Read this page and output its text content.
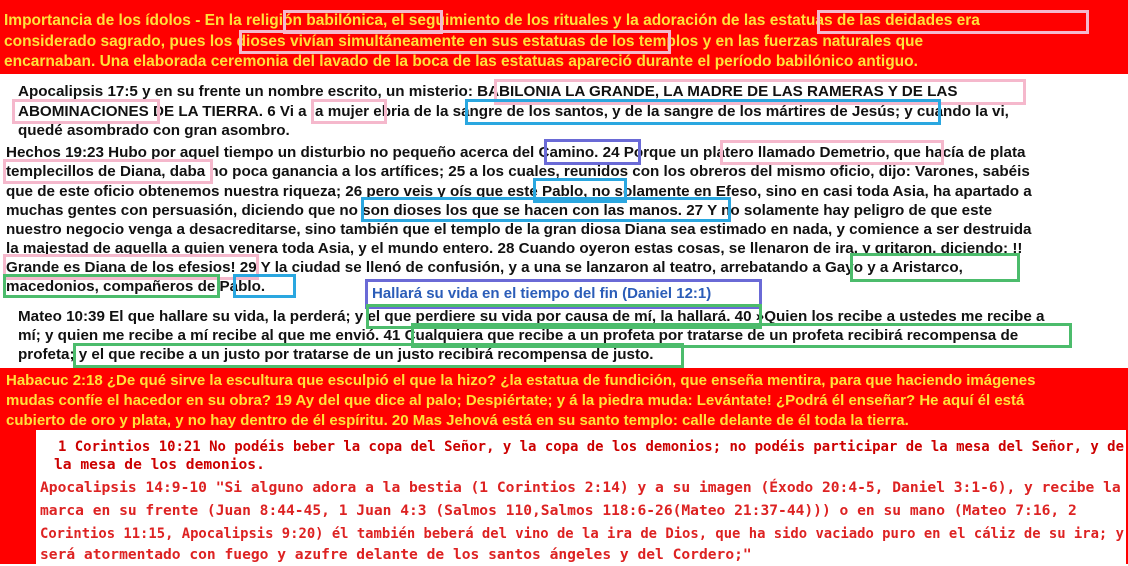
Importancia de los ídolos - En la religión babilónica, el seguimiento de los rituales y la adoración de las estatuas de las deidades era
considerado sagrado, pues los dioses vivían simultáneamente en sus estatuas de los templos y en las fuerzas naturales que
encarnaban. Una elaborada ceremonia del lavado de la boca de las estatuas apareció durante el período babilónico antiguo.
Apocalipsis 17:5 y en su frente un nombre escrito, un misterio: BABILONIA LA GRANDE, LA MADRE DE LAS RAMERAS Y DE LAS
ABOMINACIONES DE LA TIERRA. 6 Vi a la mujer ebria de la sangre de los santos, y de la sangre de los mártires de Jesús; y cuando la vi,
quedé asombrado con gran asombro.
Hechos 19:23 Hubo por aquel tiempo un disturbio no pequeño acerca del Camino. 24 Porque un platero llamado Demetrio, que hacía de plata
templecillos de Diana, daba no poca ganancia a los artífices; 25 a los cuales, reunidos con los obreros del mismo oficio, dijo: Varones, sabéis
que de este oficio obtenemos nuestra riqueza; 26 pero veis y oís que este Pablo, no solamente en Efeso, sino en casi toda Asia, ha apartado a
muchas gentes con persuasión, diciendo que no son dioses los que se hacen con las manos. 27 Y no solamente hay peligro de que este
nuestro negocio venga a desacreditarse, sino también que el templo de la gran diosa Diana sea estimado en nada, y comience a ser destruida
la majestad de aquella a quien venera toda Asia, y el mundo entero. 28 Cuando oyeron estas cosas, se llenaron de ira, y gritaron, diciendo: !!
Grande es Diana de los efesios! 29 Y la ciudad se llenó de confusión, y a una se lanzaron al teatro, arrebatando a Gayo y a Aristarco,
macedonios, compañeros de Pablo.	Hallará su vida en el tiempo del fin (Daniel 12:1)
Mateo 10:39 El que hallare su vida, la perderá; y el que perdiere su vida por causa de mí, la hallará. 40 »Quien los recibe a ustedes me recibe a
mí; y quien me recibe a mí recibe al que me envió. 41 Cualquiera que recibe a un profeta por tratarse de un profeta recibirá recompensa de
profeta; y el que recibe a un justo por tratarse de un justo recibirá recompensa de justo.
Habacuc 2:18 ¿De qué sirve la escultura que esculpió el que la hizo? ¿la estatua de fundición, que enseña mentira, para que haciendo imágenes
mudas confíe el hacedor en su obra? 19 Ay del que dice al palo; Despiértate; y á la piedra muda: Levántate! ¿Podrá él enseñar? He aquí él está
cubierto de oro y plata, y no hay dentro de él espíritu. 20 Mas Jehová está en su santo templo: calle delante de él toda la tierra.
1 Corintios 10:21 No podéis beber la copa del Señor, y la copa de los demonios; no podéis participar de la mesa del Señor, y de
la mesa de los demonios.
Apocalipsis 14:9-10 "Si alguno adora a la bestia (1 Corintios 2:14) y a su imagen (Éxodo 20:4-5, Daniel 3:1-6), y recibe la
marca en su frente (Juan 8:44-45, 1 Juan 4:3 (Salmos 110,Salmos 118:6-26(Mateo 21:37-44))) o en su mano (Mateo 7:16, 2
Corintios 11:15, Apocalipsis 9:20) él también beberá del vino de la ira de Dios, que ha sido vaciado puro en el cáliz de su ira; y
será atormentado con fuego y azufre delante de los santos ángeles y del Cordero;"
